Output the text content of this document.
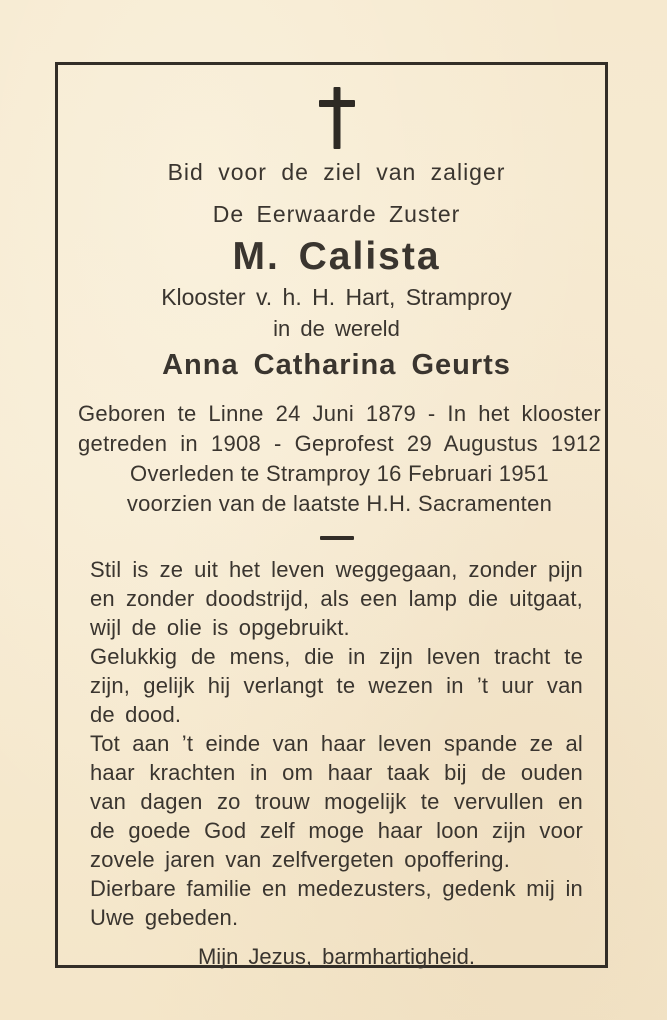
Bid voor de ziel van zaliger
De Eerwaarde Zuster
M. Calista
Klooster v. h. H. Hart, Stramproy
in de wereld
Anna Catharina Geurts
Geboren te Linne 24 Juni 1879 - In het klooster
getreden in 1908 - Geprofest 29 Augustus 1912
Overleden te Stramproy 16 Februari 1951
voorzien van de laatste H.H. Sacramenten

Stil is ze uit het leven weggegaan, zonder pijn en zonder doodstrijd, als een lamp die uitgaat, wijl de olie is opgebruikt.

Gelukkig de mens, die in zijn leven tracht te zijn, gelijk hij verlangt te wezen in ’t uur van de dood.

Tot aan ’t einde van haar leven spande ze al haar krachten in om haar taak bij de ouden van dagen zo trouw mogelijk te vervullen en de goede God zelf moge haar loon zijn voor zovele jaren van zelfvergeten opoffering.

Dierbare familie en medezusters, gedenk mij in Uwe gebeden.

Mijn Jezus, barmhartigheid.
